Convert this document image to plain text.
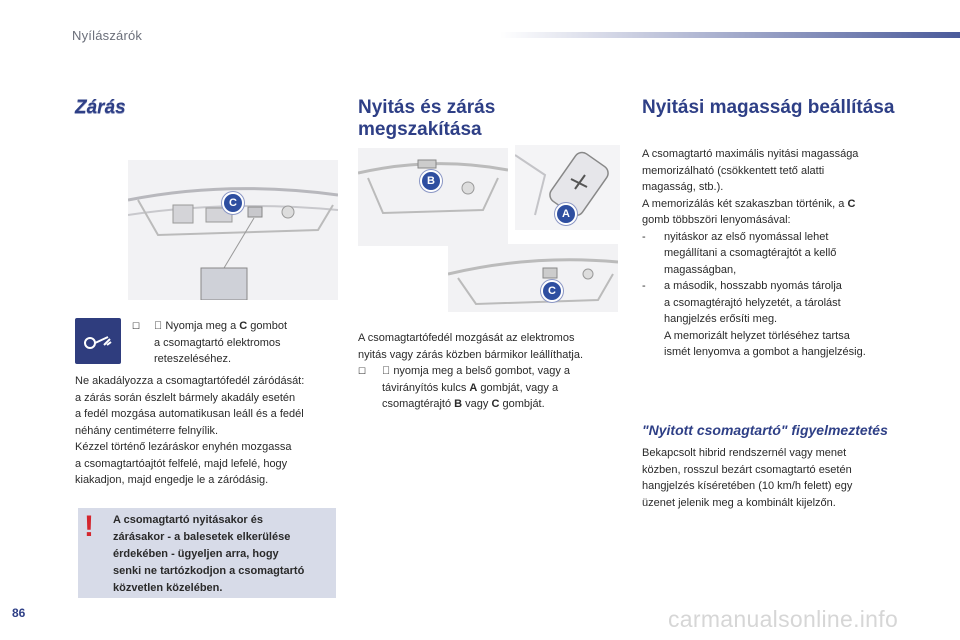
Nyílászárók
Zárás
C

☐ Nyomja meg a C gombot
a csomagtartó elektromos
reteszeléséhez.
Ne akadályozza a csomagtartófedél záródását:
a zárás során észlelt bármely akadály esetén
a fedél mozgása automatikusan leáll és a fedél
néhány centiméterre felnyílik.
Kézzel történő lezáráskor enyhén mozgassa
a csomagtartóajtót felfelé, majd lefelé, hogy
kiakadjon, majd engedje le a záródásig.
! A csomagtartó nyitásakor és
zárásakor - a balesetek elkerülése
érdekében - ügyeljen arra, hogy
senki ne tartózkodjon a csomagtartó
közvetlen közelében.
Nyitás és zárás
megszakítása
B
A
C
A csomagtartófedél mozgását az elektromos
nyitás vagy zárás közben bármikor leállíthatja.

☐ nyomja meg a belső gombot, vagy a
távirányítós kulcs A gombját, vagy a
csomagtérajtó B vagy C gombját.
Nyitási magasság beállítása
A csomagtartó maximális nyitási magassága
memorizálható (csökkentett tető alatti
magasság, stb.).
A memorizálás két szakaszban történik, a C
gomb többszöri lenyomásával:
- nyitáskor az első nyomással lehet
megállítani a csomagtérajtót a kellő
magasságban,
- a második, hosszabb nyomás tárolja
a csomagtérajtó helyzetét, a tárolást
hangjelzés erősíti meg.
A memorizált helyzet törléséhez tartsa
ismét lenyomva a gombot a hangjelzésig.
"Nyitott csomagtartó" figyelmeztetés
Bekapcsolt hibrid rendszernél vagy menet
közben, rosszul bezárt csomagtartó esetén
hangjelzés kíséretében (10 km/h felett) egy
üzenet jelenik meg a kombinált kijelzőn.
86	carmanualsonline.info
